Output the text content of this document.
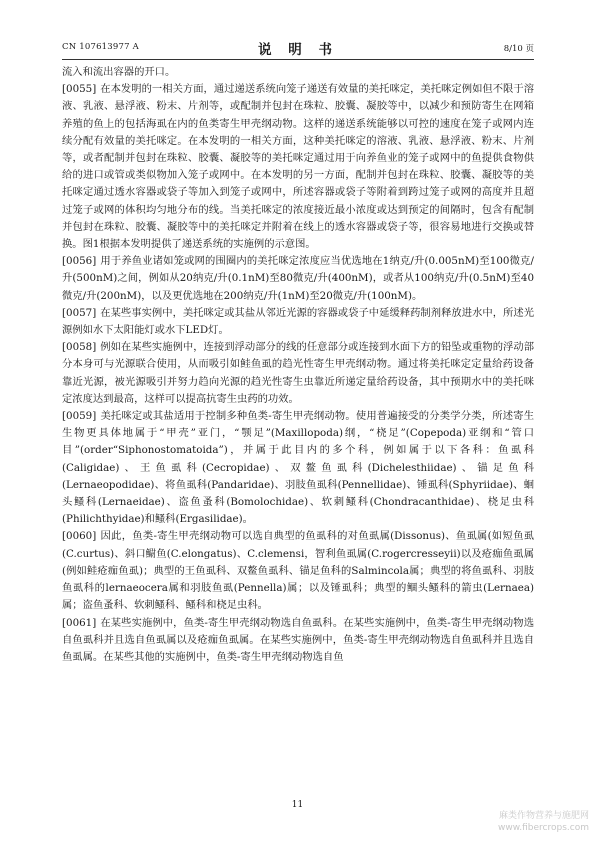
CN 107613977 A	说 明 书	8/10 页

流入和流出容器的开口。

[0055] 在本发明的一相关方面，通过递送系统向笼子递送有效量的美托咪定，美托咪定例如但不限于溶液、乳液、悬浮液、粉末、片剂等，或配制并包封在珠粒、胶囊、凝胶等中，以减少和预防寄生在网箱养殖的鱼上的包括海虱在内的鱼类寄生甲壳纲动物。这样的递送系统能够以可控的速度在笼子或网内连续分配有效量的美托咪定。在本发明的一相关方面，这种美托咪定的溶液、乳液、悬浮液、粉末、片剂等，或者配制并包封在珠粒、胶囊、凝胶等的美托咪定通过用于向养鱼业的笼子或网中的鱼提供食物供给的进口或管或类似物加入笼子或网中。在本发明的另一方面，配制并包封在珠粒、胶囊、凝胶等的美托咪定通过透水容器或袋子等加入到笼子或网中，所述容器或袋子等附着到跨过笼子或网的高度并且超过笼子或网的体积均匀地分布的线。当美托咪定的浓度接近最小浓度或达到预定的间隔时，包含有配制并包封在珠粒、胶囊、凝胶等中的美托咪定并附着在线上的透水容器或袋子等，很容易地进行交换或替换。图1根据本发明提供了递送系统的实施例的示意图。

[0056] 用于养鱼业诸如笼或网的围圈内的美托咪定浓度应当优选地在1纳克/升(0.005nM)至100微克/升(500nM)之间，例如从20纳克/升(0.1nM)至80微克/升(400nM)，或者从100纳克/升(0.5nM)至40微克/升(200nM)，以及更优选地在200纳克/升(1nM)至20微克/升(100nM)。

[0057] 在某些事实例中，美托咪定或其盐从邻近光源的容器或袋子中延缓释药制剂释放进水中，所述光源例如水下太阳能灯或水下LED灯。

[0058] 例如在某些实施例中，连接到浮动部分的线的任意部分或连接到水面下方的铅坠或重物的浮动部分本身可与光源联合使用，从而吸引如鲑鱼虱的趋光性寄生甲壳纲动物。通过将美托咪定定量给药设备靠近光源，被光源吸引并努力趋向光源的趋光性寄生虫靠近所递定量给药设备，其中预期水中的美托咪定浓度达到最高，这样可以提高抗寄生虫药的功效。

[0059] 美托咪定或其盐适用于控制多种鱼类-寄生甲壳纲动物。使用普遍接受的分类学分类，所述寄生生物更具体地属于“甲壳”亚门，“颚足”(Maxillopoda)纲，“桡足”(Copepoda)亚纲和“管口目”(order“Siphonostomatoida”)，并属于此目内的多个科，例如属于以下各科：鱼虱科(Caligidae)、王鱼虱科(Cecropidae)、双鳌鱼虱科(Dichelesthiidae)、锚足鱼科(Lernaeopodidae)、将鱼虱科(Pandaridae)、羽肢鱼虱科(Pennellidae)、锤虱科(Sphyriidae)、蛔头鳋科(Lernaeidae)、盗鱼蚤科(Bomolochidae)、软刺鳋科(Chondracanthidae)、桡足虫科(Philichthyidae)和鳋科(Ergasilidae)。

[0060] 因此，鱼类-寄生甲壳纲动物可以选自典型的鱼虱科的对鱼虱属(Dissonus)、鱼虱属(如短鱼虱(C.curtus)、斜口鳚鱼(C.elongatus)、C.clemensi，智利鱼虱属(C.rogercresseyii)以及疮痂鱼虱属(例如鲑疮痂鱼虱)；典型的王鱼虱科、双鳌鱼虱科、锚足鱼科的Salmincola属；典型的将鱼虱科、羽肢鱼虱科的lernaeocera属和羽肢鱼虱(Pennella)属；以及锤虱科；典型的鲴头鳋科的箭虫(Lernaea)属；盗鱼蚤科、软刺鳋科、鳋科和桡足虫科。

[0061] 在某些实施例中，鱼类-寄生甲壳纲动物选自鱼虱科。在某些实施例中，鱼类-寄生甲壳纲动物选自鱼虱科并且选自鱼虱属以及疮痂鱼虱属。在某些实施例中，鱼类-寄生甲壳纲动物选自鱼虱科并且选自鱼虱属。在某些其他的实施例中，鱼类-寄生甲壳纲动物选自鱼

11
麻类作物营养与施肥网
www.fibercrops.com
